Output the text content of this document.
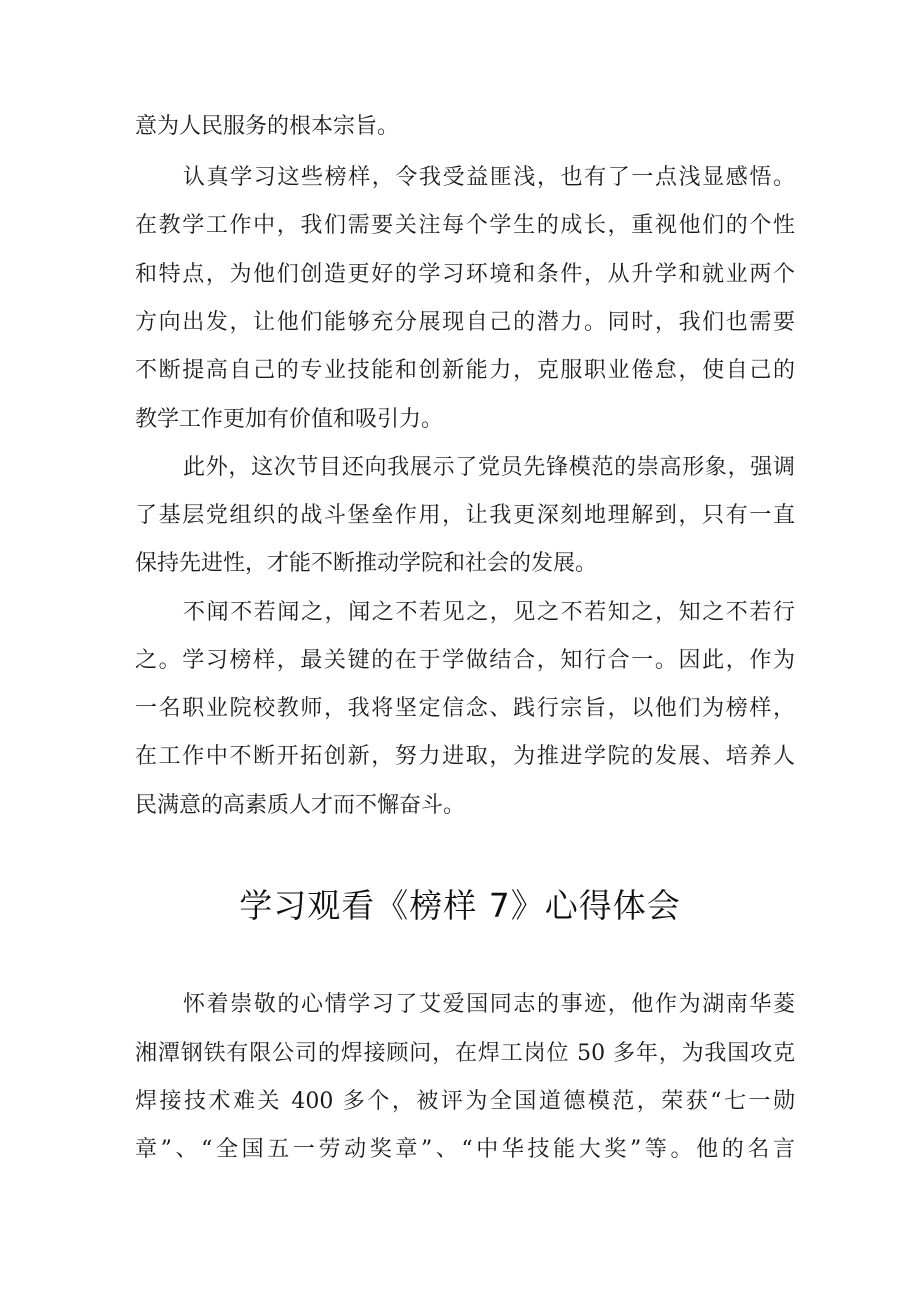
意为人民服务的根本宗旨。
认真学习这些榜样，令我受益匪浅，也有了一点浅显感悟。
在教学工作中，我们需要关注每个学生的成长，重视他们的个性
和特点，为他们创造更好的学习环境和条件，从升学和就业两个
方向出发，让他们能够充分展现自己的潜力。同时，我们也需要
不断提高自己的专业技能和创新能力，克服职业倦怠，使自己的
教学工作更加有价值和吸引力。
此外，这次节目还向我展示了党员先锋模范的崇高形象，强调
了基层党组织的战斗堡垒作用，让我更深刻地理解到，只有一直
保持先进性，才能不断推动学院和社会的发展。
不闻不若闻之，闻之不若见之，见之不若知之，知之不若行
之。学习榜样，最关键的在于学做结合，知行合一。因此，作为
一名职业院校教师，我将坚定信念、践行宗旨，以他们为榜样，
在工作中不断开拓创新，努力进取，为推进学院的发展、培养人
民满意的高素质人才而不懈奋斗。
学习观看《榜样 7》心得体会
怀着崇敬的心情学习了艾爱国同志的事迹，他作为湖南华菱
湘潭钢铁有限公司的焊接顾问，在焊工岗位 50 多年，为我国攻克
焊接技术难关 400 多个，被评为全国道德模范，荣获“七一勋
章”、“全国五一劳动奖章”、“中华技能大奖”等。他的名言
